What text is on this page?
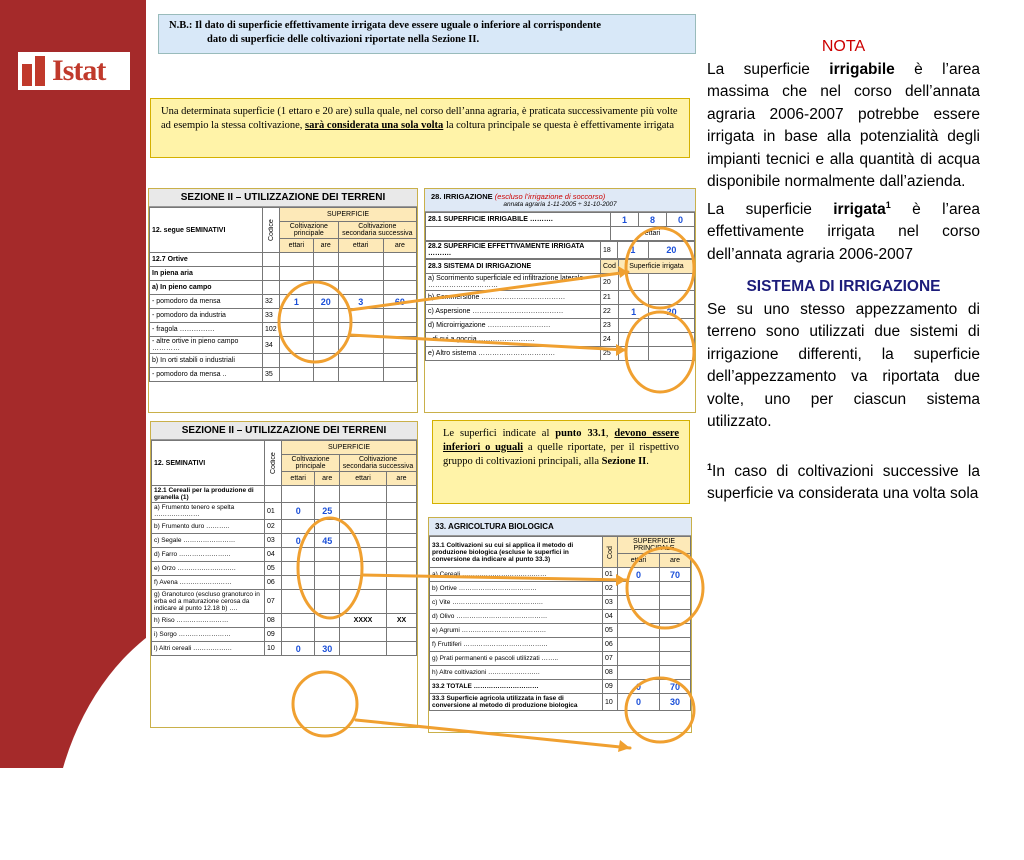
Istat
N.B.: Il dato di superficie effettivamente irrigata deve essere uguale o inferiore al corrispondente
dato di superficie delle coltivazioni riportate nella Sezione II.
Una determinata superficie (1 ettaro e 20 are) sulla quale, nel corso dell’anna agraria, è praticata successivamente più volte ad esempio la stessa coltivazione, sarà considerata una sola volta la coltura principale se questa è effettivamente irrigata
SEZIONE II – UTILIZZAZIONE DEI TERRENI
12. segue SEMINATIVI	Codice	SUPERFICIE			
		Coltivazione principale		Coltivazione secondaria successiva	
		ettari	are	ettari	are
12.7 Ortive					
In piena aria					
a) In pieno campo					
- pomodoro da mensa	32	1	20	3	60
- pomodoro da industria	33				
- fragola ……………	102				
- altre ortive in pieno campo …………	34				
b) In orti stabili o industriali					
- pomodoro da mensa ..	35				
28. IRRIGAZIONE (escluso l’irrigazione di soccorso)
annata agraria 1-11-2005 ÷ 31-10-2007
28.1 SUPERFICIE IRRIGABILE ……….	1	8	0
	ettari		
28.2 SUPERFICIE EFFETTIVAMENTE IRRIGATA ……….	18	1	20
28.3 SISTEMA DI IRRIGAZIONE	Cod	Superficie irrigata	
a) Scorrimento superficiale ed infiltrazione laterale …………………………	20		
b) Sommersione ………………………………	21		
c) Aspersione …………………………………	22	1	20
d) Microirrigazione ………………………	23		
- di cui a goccia ……………………	24		
e) Altro sistema ……………………………	25		
SEZIONE II – UTILIZZAZIONE DEI TERRENI
12. SEMINATIVI	Codice	SUPERFICIE			
		Coltivazione principale		Coltivazione secondaria successiva	
		ettari	are	ettari	are
12.1 Cereali per la produzione di granella (1)					
a) Frumento tenero e spelta …………………	01	0	25		
b) Frumento duro ………..	02				
c) Segale ……………………	03	0	45		
d) Farro ……………………	04				
e) Orzo ………………………	05				
f) Avena ……………………	06				
g) Granoturco (escluso granoturco in erba ed a maturazione cerosa da indicare al punto 12.18 b) ….	07				
h) Riso ……………………	08			XXXX	XX
i) Sorgo ……………………	09				
l) Altri cereali ………………	10	0	30		
Le superfici indicate al punto 33.1, devono essere inferiori o uguali a quelle riportate, per il rispettivo gruppo di coltivazioni principali, alla Sezione II.
33. AGRICOLTURA BIOLOGICA
33.1 Coltivazioni su cui si applica il metodo di produzione biologica (escluse le superfici in conversione da indicare al punto 33.3)	Cod	SUPERFICIE PRINCIPALE	
		ettari	are
a) Cereali …………………………………	01	0	70
b) Ortive ………………………………	02		
c) Vite ……………………………………	03		
d) Olivo ……………………………………	04		
e) Agrumi …………………………………	05		
f) Fruttiferi …………………………………	06		
g) Prati permanenti e pascoli utilizzati ……..	07		
h) Altre coltivazioni ……………………	08		
33.2 TOTALE …………………………	09	0	70
33.3 Superficie agricola utilizzata in fase di conversione al metodo di produzione biologica	10	0	30
NOTA
La superficie irrigabile è l’area massima che nel corso dell’annata agraria 2006-2007 potrebbe essere irrigata in base alla potenzialità degli impianti tecnici e alla quantità di acqua disponibile normalmente dall’azienda.
La superficie irrigata$^1$ è l’area effettivamente irrigata nel corso dell’annata agraria 2006-2007
SISTEMA DI IRRIGAZIONE
Se su uno stesso appezzamento di terreno sono utilizzati due sistemi di irrigazione differenti, la superficie dell’appezzamento va riportata due volte, uno per ciascun sistema utilizzato.
$^1$In caso di coltivazioni successive la superficie va considerata una volta sola
